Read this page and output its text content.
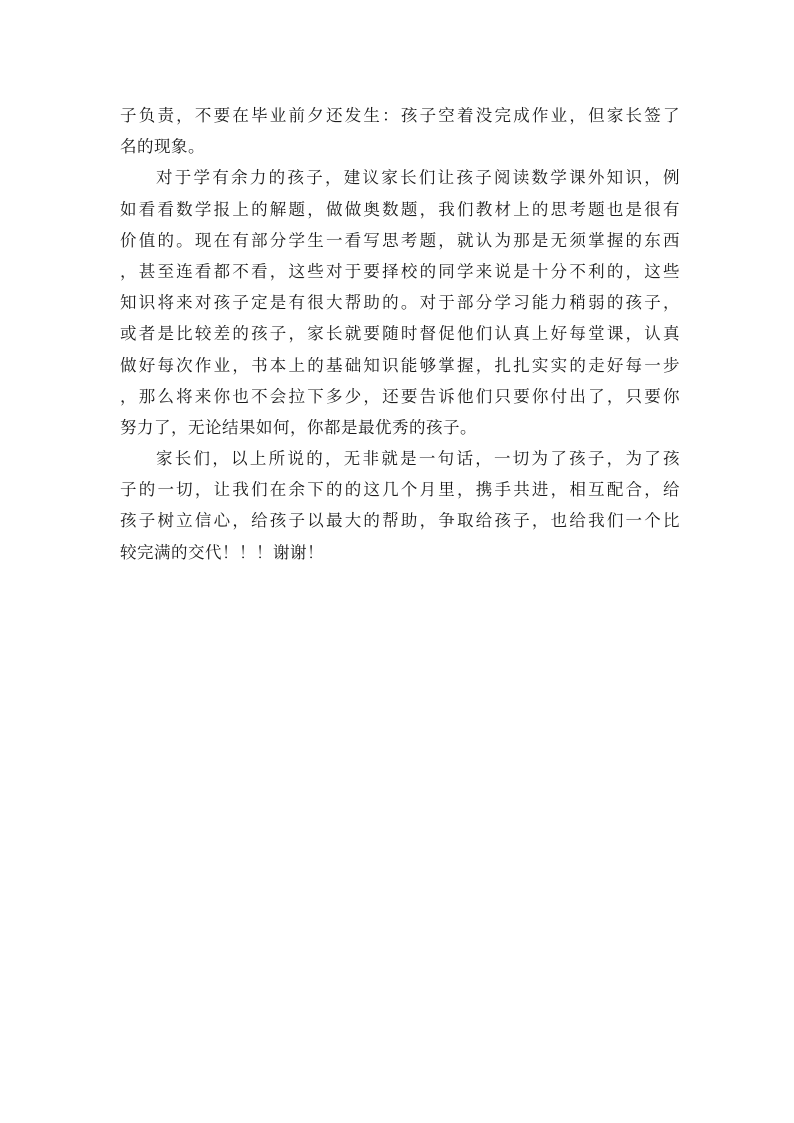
子负责，不要在毕业前夕还发生：孩子空着没完成作业，但家长签了
名的现象。
对于学有余力的孩子，建议家长们让孩子阅读数学课外知识，例
如看看数学报上的解题，做做奥数题，我们教材上的思考题也是很有
价值的。现在有部分学生一看写思考题，就认为那是无须掌握的东西
，甚至连看都不看，这些对于要择校的同学来说是十分不利的，这些
知识将来对孩子定是有很大帮助的。对于部分学习能力稍弱的孩子，
或者是比较差的孩子，家长就要随时督促他们认真上好每堂课，认真
做好每次作业，书本上的基础知识能够掌握，扎扎实实的走好每一步
，那么将来你也不会拉下多少，还要告诉他们只要你付出了，只要你
努力了，无论结果如何，你都是最优秀的孩子。
家长们，以上所说的，无非就是一句话，一切为了孩子，为了孩
子的一切，让我们在余下的的这几个月里，携手共进，相互配合，给
孩子树立信心，给孩子以最大的帮助，争取给孩子，也给我们一个比
较完满的交代！！！谢谢！
